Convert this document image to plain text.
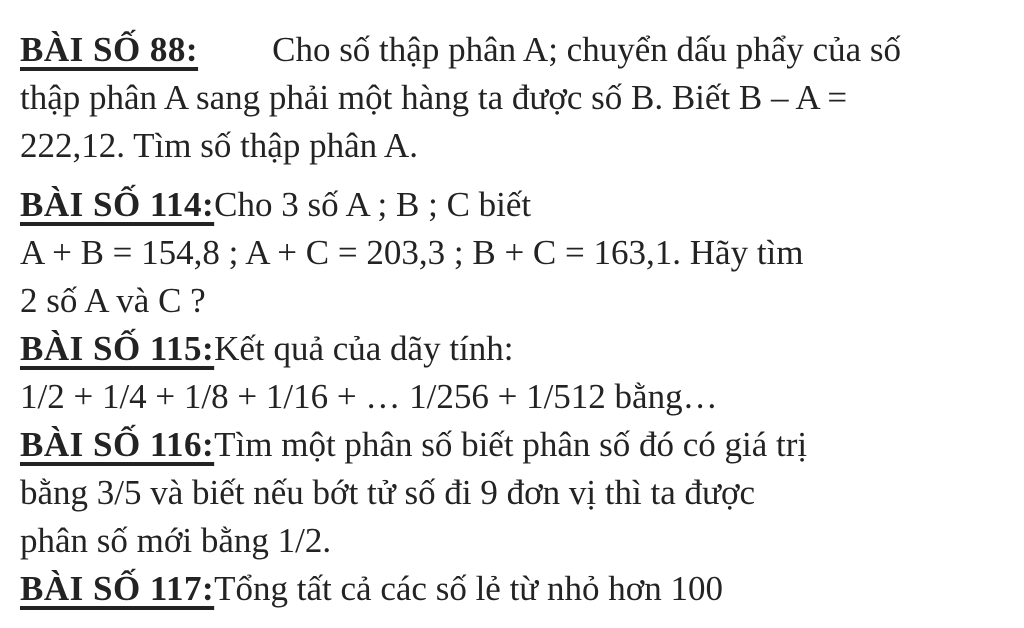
BÀI SỐ 88: Cho số thập phân A; chuyển dấu phẩy của số
thập phân A sang phải một hàng ta được số B. Biết B – A =
222,12. Tìm số thập phân A.
BÀI SỐ 114:Cho 3 số A ; B ; C biết
A + B = 154,8 ; A + C = 203,3 ; B + C = 163,1. Hãy tìm
2 số A và C ?
BÀI SỐ 115:Kết quả của dãy tính:
1/2 + 1/4 + 1/8 + 1/16 + … 1/256 + 1/512 bằng…
BÀI SỐ 116:Tìm một phân số biết phân số đó có giá trị
bằng 3/5 và biết nếu bớt tử số đi 9 đơn vị thì ta được
phân số mới bằng 1/2.
BÀI SỐ 117:Tổng tất cả các số lẻ từ nhỏ hơn 100
